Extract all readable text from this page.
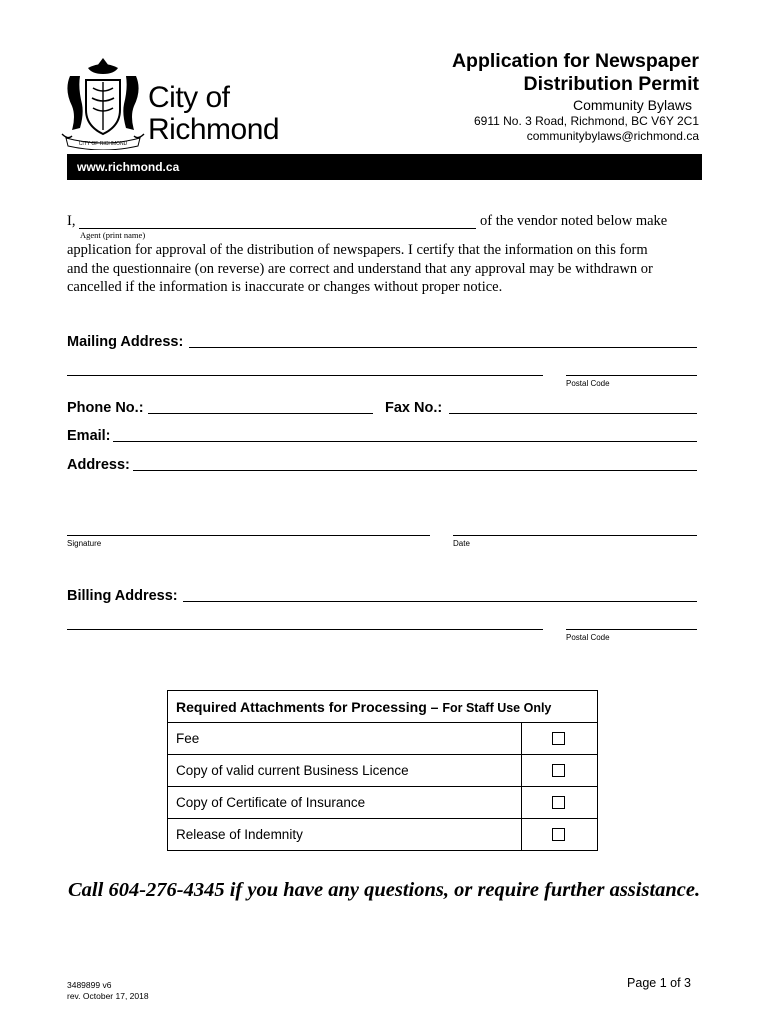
CITY OF RICHMOND
City of
Richmond
Application for Newspaper
Distribution Permit
Community Bylaws
6911 No. 3 Road, Richmond, BC V6Y 2C1
communitybylaws@richmond.ca
www.richmond.ca
I,	of the vendor noted below make
Agent (print name)
application for approval of the distribution of newspapers. I certify that the information on this form
and the questionnaire (on reverse) are correct and understand that any approval may be withdrawn or
cancelled if the information is inaccurate or changes without proper notice.
Mailing Address:
Postal Code
Phone No.:	Fax No.:
Email:
Address:
Signature	Date
Billing Address:
Postal Code
Required Attachments for Processing – For Staff Use Only
Fee
Copy of valid current Business Licence
Copy of Certificate of Insurance
Release of Indemnity
Call 604-276-4345 if you have any questions, or require further assistance.
3489899 v6
rev. October 17, 2018
Page 1 of 3
